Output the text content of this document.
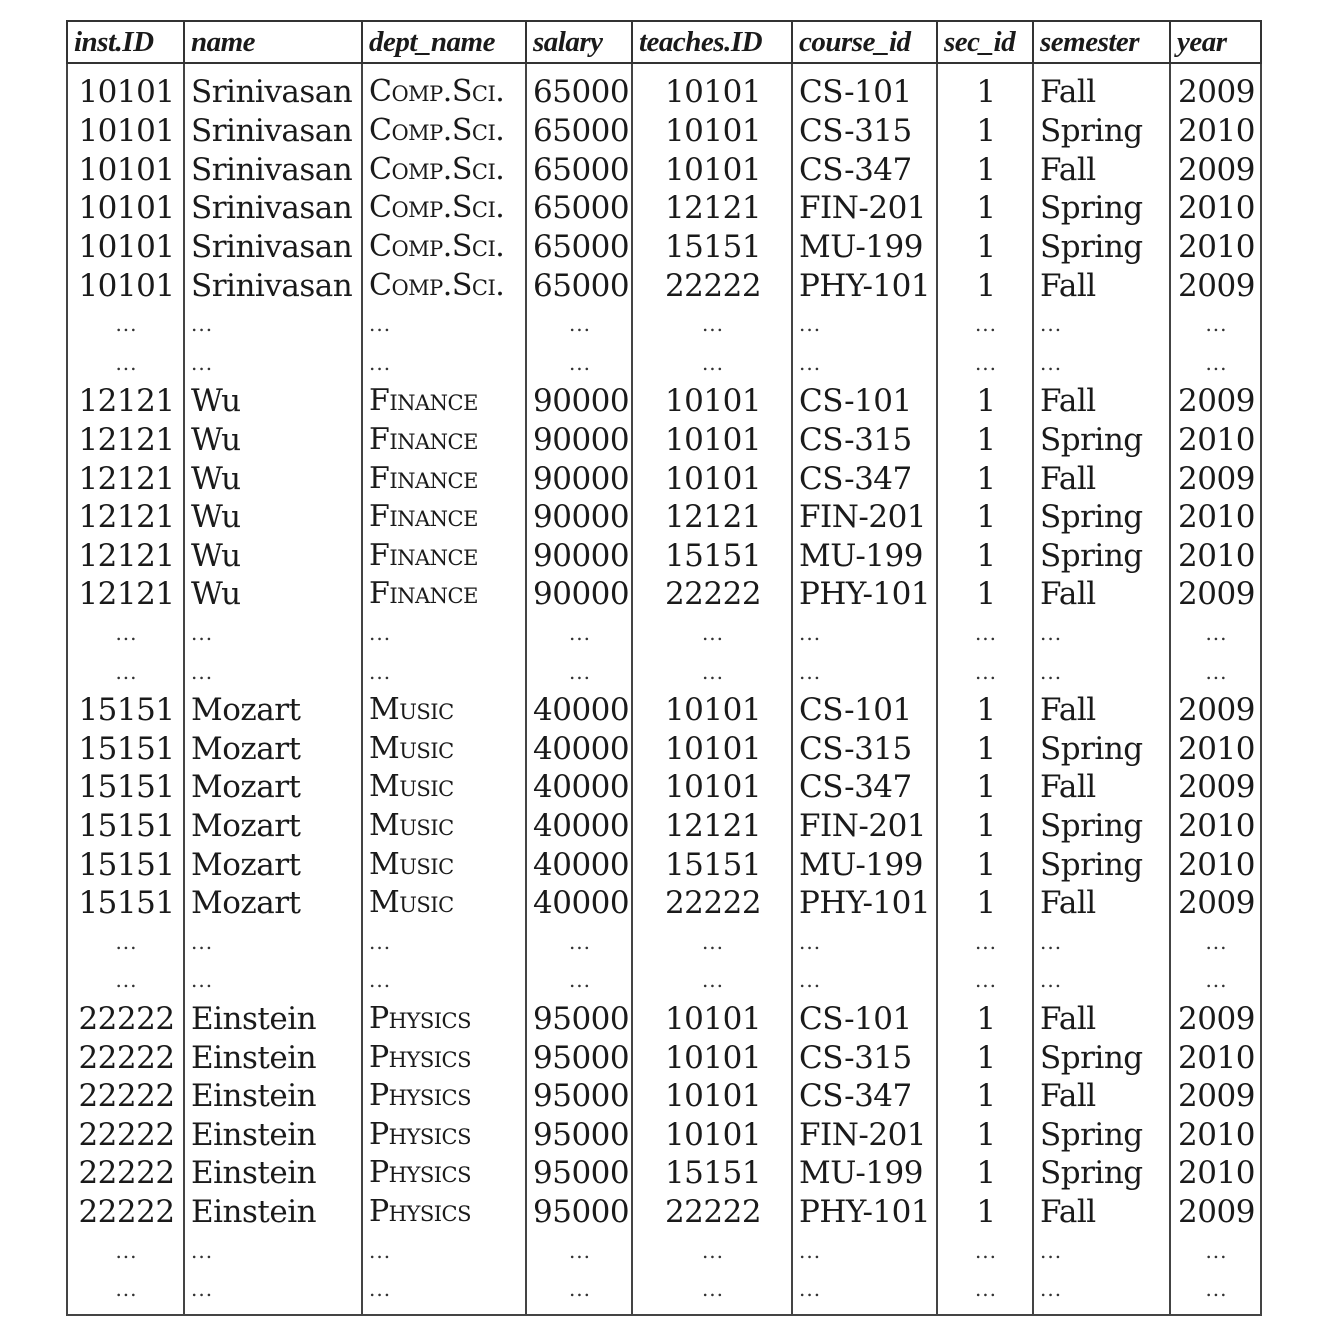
inst.ID	name	dept_name	salary	teaches.ID	course_id	sec_id	semester	year
10101	Srinivasan	Comp.Sci.	65000	10101	CS-101	1	Fall	2009
10101	Srinivasan	Comp.Sci.	65000	10101	CS-315	1	Spring	2010
10101	Srinivasan	Comp.Sci.	65000	10101	CS-347	1	Fall	2009
10101	Srinivasan	Comp.Sci.	65000	12121	FIN-201	1	Spring	2010
10101	Srinivasan	Comp.Sci.	65000	15151	MU-199	1	Spring	2010
10101	Srinivasan	Comp.Sci.	65000	22222	PHY-101	1	Fall	2009
...	...	...	...	...	...	...	...	...
...	...	...	...	...	...	...	...	...
12121	Wu	Finance	90000	10101	CS-101	1	Fall	2009
12121	Wu	Finance	90000	10101	CS-315	1	Spring	2010
12121	Wu	Finance	90000	10101	CS-347	1	Fall	2009
12121	Wu	Finance	90000	12121	FIN-201	1	Spring	2010
12121	Wu	Finance	90000	15151	MU-199	1	Spring	2010
12121	Wu	Finance	90000	22222	PHY-101	1	Fall	2009
...	...	...	...	...	...	...	...	...
...	...	...	...	...	...	...	...	...
15151	Mozart	Music	40000	10101	CS-101	1	Fall	2009
15151	Mozart	Music	40000	10101	CS-315	1	Spring	2010
15151	Mozart	Music	40000	10101	CS-347	1	Fall	2009
15151	Mozart	Music	40000	12121	FIN-201	1	Spring	2010
15151	Mozart	Music	40000	15151	MU-199	1	Spring	2010
15151	Mozart	Music	40000	22222	PHY-101	1	Fall	2009
...	...	...	...	...	...	...	...	...
...	...	...	...	...	...	...	...	...
22222	Einstein	Physics	95000	10101	CS-101	1	Fall	2009
22222	Einstein	Physics	95000	10101	CS-315	1	Spring	2010
22222	Einstein	Physics	95000	10101	CS-347	1	Fall	2009
22222	Einstein	Physics	95000	10101	FIN-201	1	Spring	2010
22222	Einstein	Physics	95000	15151	MU-199	1	Spring	2010
22222	Einstein	Physics	95000	22222	PHY-101	1	Fall	2009
...	...	...	...	...	...	...	...	...
...	...	...	...	...	...	...	...	...
